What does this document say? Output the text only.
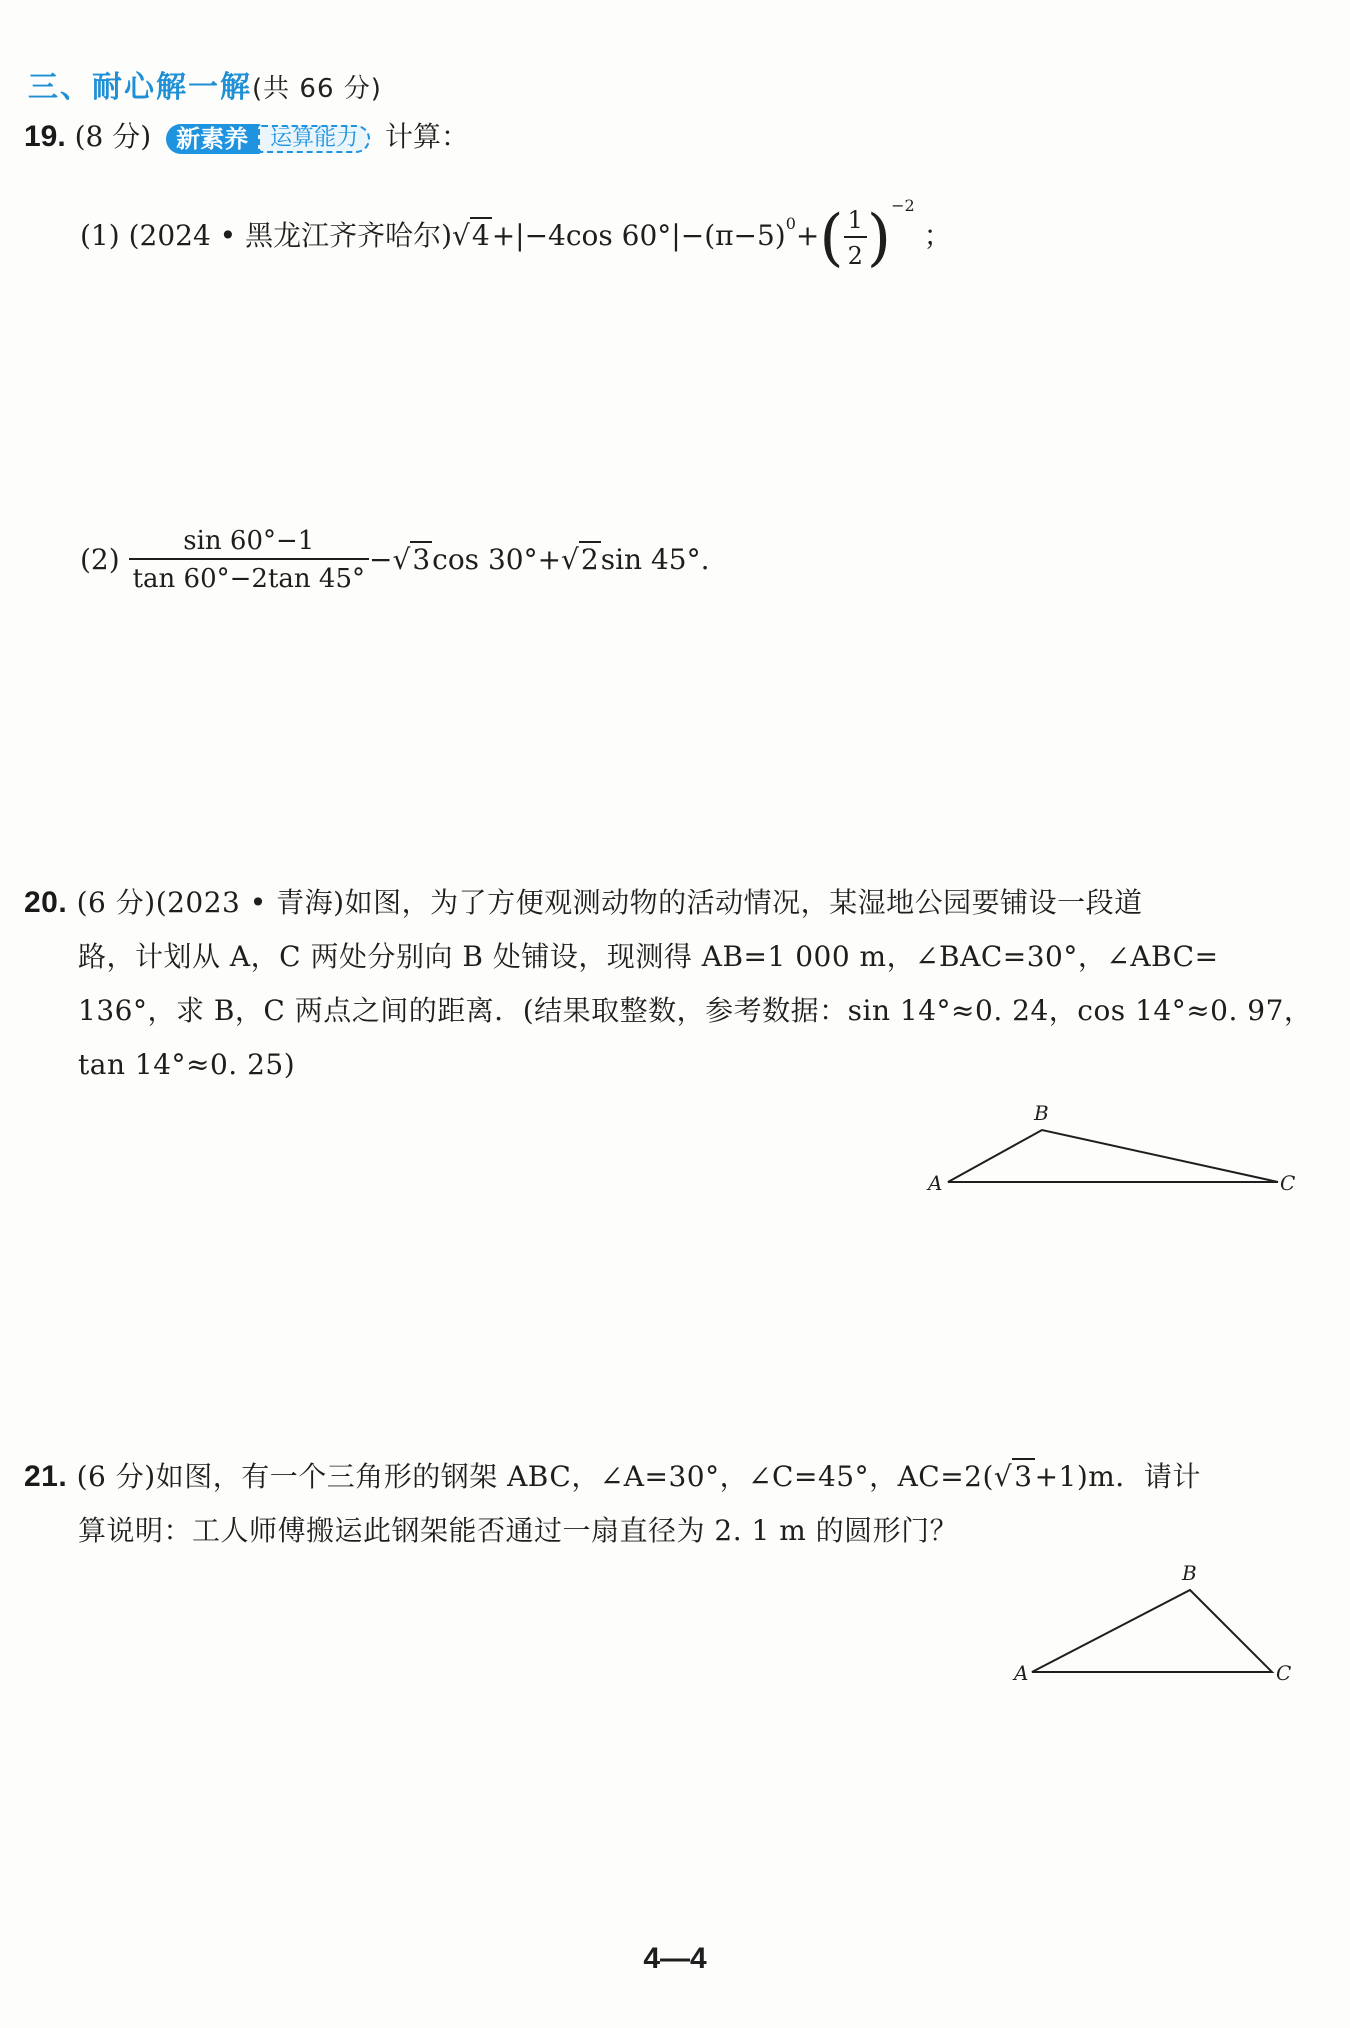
三、耐心解一解(共 66 分)
19. (8 分)	新素养	运算能力 计算：
(1) (2024 • 黑龙江齐齐哈尔)√4+|−4cos $60^\circ|-(\pi-5)^0+( \frac{1}{2} )^{-2}$ ；
$(2) \frac{\sin 60^\circ-1}{\tan 60^\circ-2\tan 45^\circ} -√3\cos$ 30°+√2sin 45°.
20. (6 分)(2023 • 青海)如图，为了方便观测动物的活动情况，某湿地公园要铺设一段道
路，计划从 A，C 两处分别向 B 处铺设，现测得 AB=1 000 m，∠BAC=30°，∠ABC=
136°，求 B，C 两点之间的距离．(结果取整数，参考数据：sin 14°≈0. 24，cos 14°≈0. 97，
tan 14°≈0. 25)
A
B
C
21. (6 分)如图，有一个三角形的钢架 ABC，∠A=30°，∠C=45°，AC=2(√3+1)m．请计
算说明：工人师傅搬运此钢架能否通过一扇直径为 2. 1 m 的圆形门？
A
B
C
4—4
